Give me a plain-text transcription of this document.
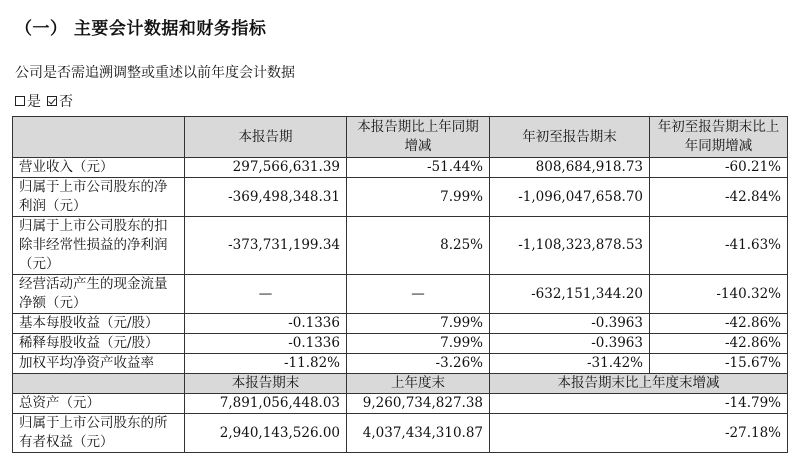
（一） 主要会计数据和财务指标
公司是否需追溯调整或重述以前年度会计数据
是 否
	本报告期	本报告期比上年同期增减	年初至报告期末	年初至报告期末比上年同期增减
营业收入（元）	297,566,631.39	-51.44%	808,684,918.73	-60.21%
归属于上市公司股东的净利润（元）	-369,498,348.31	7.99%	-1,096,047,658.70	-42.84%
归属于上市公司股东的扣除非经常性损益的净利润（元）	-373,731,199.34	8.25%	-1,108,323,878.53	-41.63%
经营活动产生的现金流量净额（元）	—	—	-632,151,344.20	-140.32%
基本每股收益（元/股）	-0.1336	7.99%	-0.3963	-42.86%
稀释每股收益（元/股）	-0.1336	7.99%	-0.3963	-42.86%
加权平均净资产收益率	-11.82%	-3.26%	-31.42%	-15.67%
	本报告期末	上年度末	本报告期末比上年度末增减	
总资产（元）	7,891,056,448.03	9,260,734,827.38	-14.79%	
归属于上市公司股东的所有者权益（元）	2,940,143,526.00	4,037,434,310.87	-27.18%	
